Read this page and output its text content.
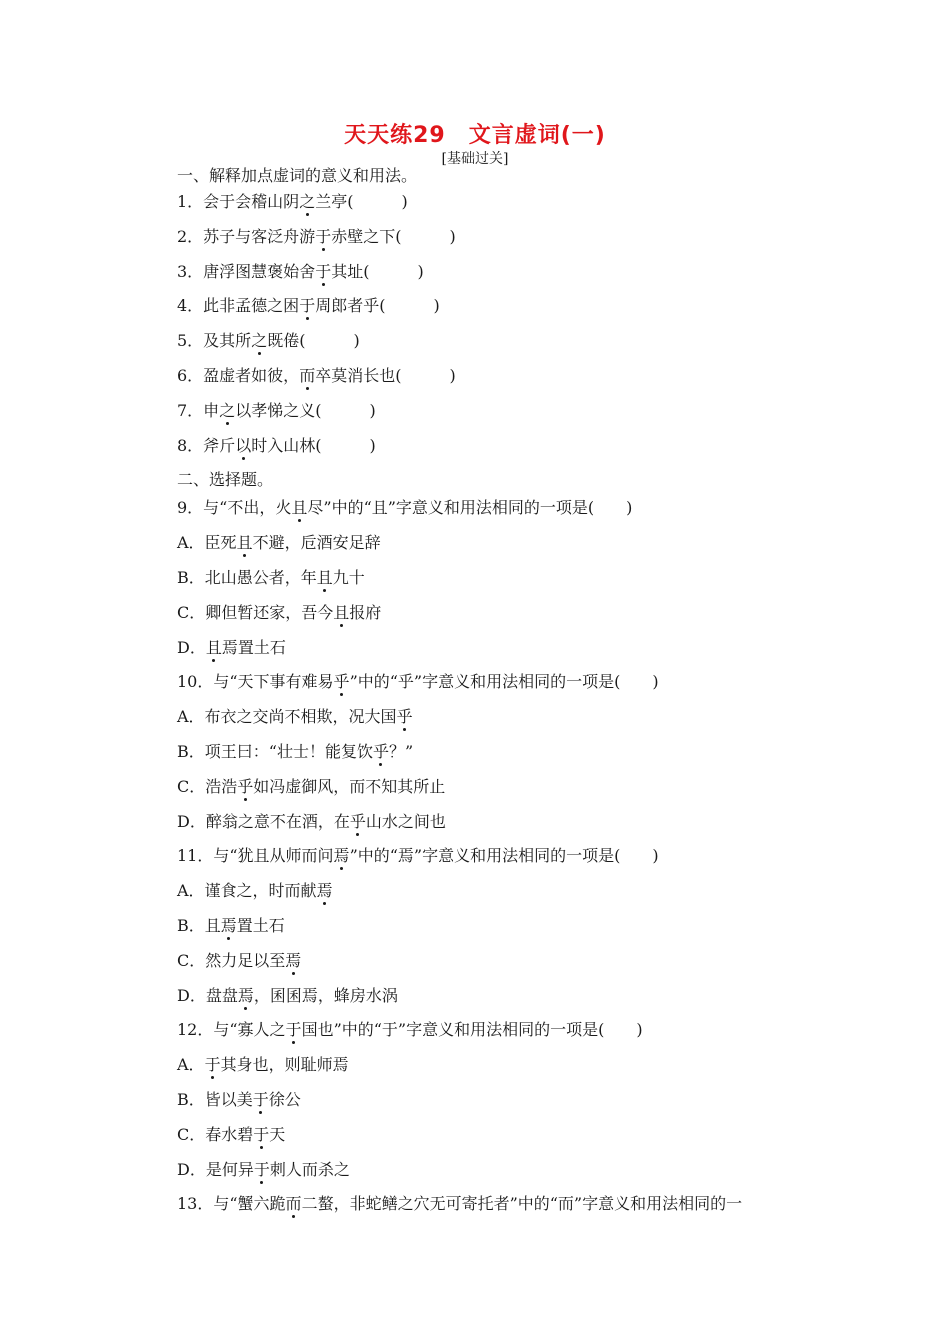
天天练29　文言虚词(一)
[基础过关]
一、解释加点虚词的意义和用法。
1．会于会稽山阴之兰亭(　　　)
2．苏子与客泛舟游于赤壁之下(　　　)
3．唐浮图慧褒始舍于其址(　　　)
4．此非孟德之困于周郎者乎(　　　)
5．及其所之既倦(　　　)
6．盈虚者如彼，而卒莫消长也(　　　)
7．申之以孝悌之义(　　　)
8．斧斤以时入山林(　　　)
二、选择题。
9．与“不出，火且尽”中的“且”字意义和用法相同的一项是(　　)
A．臣死且不避，卮酒安足辞
B．北山愚公者，年且九十
C．卿但暂还家，吾今且报府
D．且焉置土石
10．与“天下事有难易乎”中的“乎”字意义和用法相同的一项是(　　)
A．布衣之交尚不相欺，况大国乎
B．项王曰：“壮士！能复饮乎？”
C．浩浩乎如冯虚御风，而不知其所止
D．醉翁之意不在酒，在乎山水之间也
11．与“犹且从师而问焉”中的“焉”字意义和用法相同的一项是(　　)
A．谨食之，时而献焉
B．且焉置土石
C．然力足以至焉
D．盘盘焉，囷囷焉，蜂房水涡
12．与“寡人之于国也”中的“于”字意义和用法相同的一项是(　　)
A．于其身也，则耻师焉
B．皆以美于徐公
C．春水碧于天
D．是何异于刺人而杀之
13．与“蟹六跪而二螯，非蛇鳝之穴无可寄托者”中的“而”字意义和用法相同的一
